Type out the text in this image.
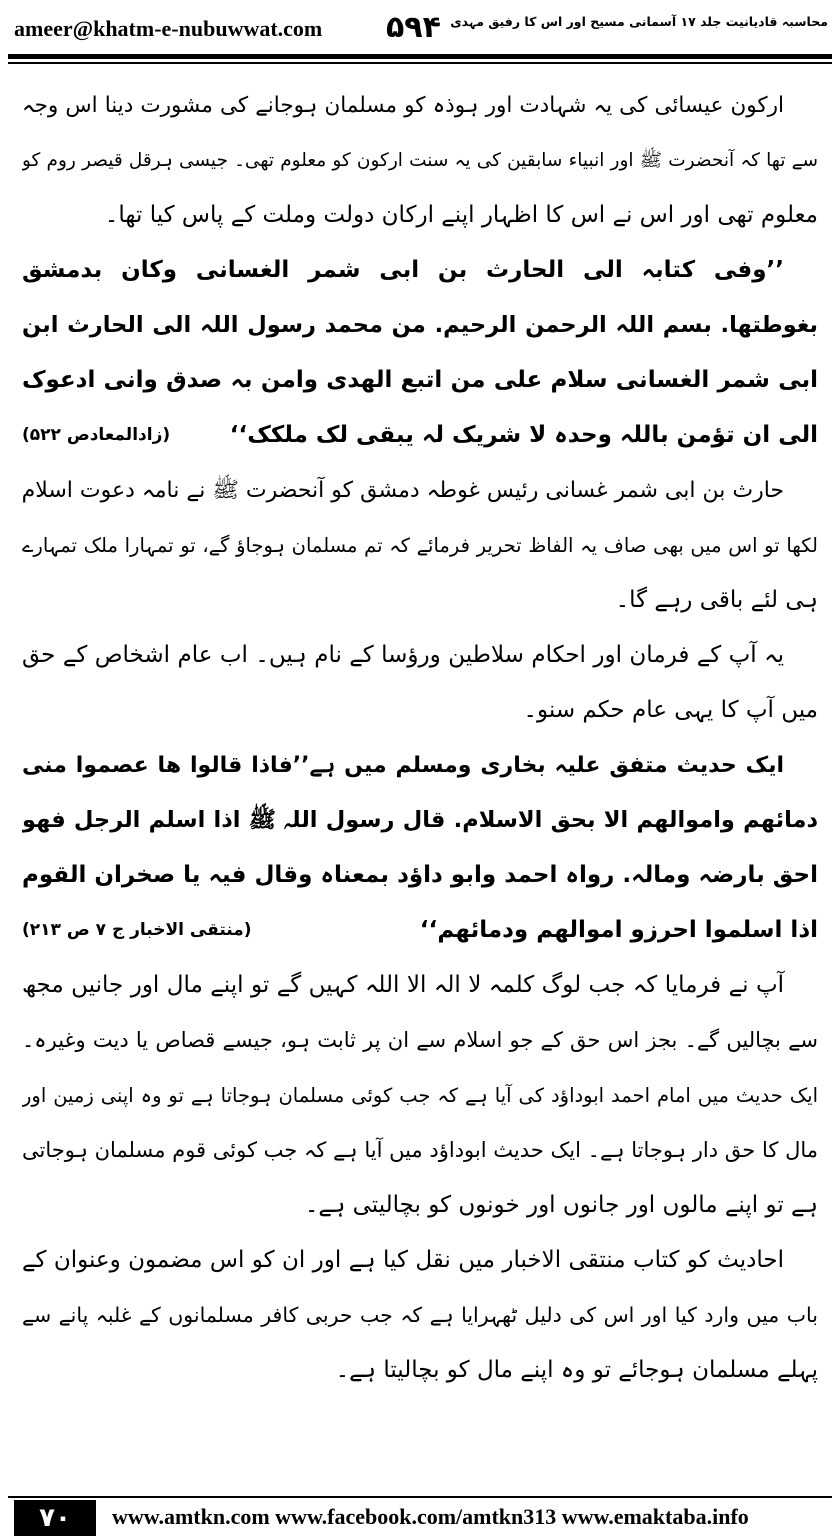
ameer@khatm-e-nubuwwat.com ۵۹۴ محاسبہ قادیانیت جلد ۱۷ آسمانی مسیح اور اس کا رفیق مہدی
ارکون عیسائی کی یہ شہادت اور ہوذہ کو مسلمان ہوجانے کی مشورت دینا اس وجہ
سے تھا کہ آنحضرت ﷺ اور انبیاء سابقین کی یہ سنت ارکون کو معلوم تھی۔ جیسی ہرقل قیصر روم کو
معلوم تھی اور اس نے اس کا اظہار اپنے ارکان دولت وملت کے پاس کیا تھا۔
’’وفی کتابہ الی الحارث بن ابی شمر الغسانی وکان بدمشق
بغوطتھا. بسم اللہ الرحمن الرحیم. من محمد رسول اللہ الی الحارث ابن
ابی شمر الغسانی سلام علی من اتبع الھدی وامن بہ صدق وانی ادعوک
الی ان تؤمن باللہ وحدہ لا شریک لہ یبقی لک ملکک‘‘
(زادالمعادص ۵۲۲)
حارث بن ابی شمر غسانی رئیس غوطہ دمشق کو آنحضرت ﷺ نے نامہ دعوت اسلام
لکھا تو اس میں بھی صاف یہ الفاظ تحریر فرمائے کہ تم مسلمان ہوجاؤ گے، تو تمہارا ملک تمہارے
ہی لئے باقی رہے گا۔
یہ آپ کے فرمان اور احکام سلاطین ورؤسا کے نام ہیں۔ اب عام اشخاص کے حق
میں آپ کا یہی عام حکم سنو۔
ایک حدیث متفق علیہ بخاری ومسلم میں ہے’’فاذا قالوا ھا عصموا منی
دمائھم واموالھم الا بحق الاسلام. قال رسول اللہ ﷺ اذا اسلم الرجل فھو
احق بارضہ ومالہ. رواہ احمد وابو داؤد بمعناہ وقال فیہ یا صخران القوم
اذا اسلموا احرزو اموالھم ودمائھم‘‘
(منتقی الاخبار ج ۷ ص ۲۱۳)
آپ نے فرمایا کہ جب لوگ کلمہ لا الہ الا اللہ کہیں گے تو اپنے مال اور جانیں مجھ
سے بچالیں گے۔ بجز اس حق کے جو اسلام سے ان پر ثابت ہو، جیسے قصاص یا دیت وغیرہ۔
ایک حدیث میں امام احمد ابوداؤد کی آیا ہے کہ جب کوئی مسلمان ہوجاتا ہے تو وہ اپنی زمین اور
مال کا حق دار ہوجاتا ہے۔ ایک حدیث ابوداؤد میں آیا ہے کہ جب کوئی قوم مسلمان ہوجاتی
ہے تو اپنے مالوں اور جانوں اور خونوں کو بچالیتی ہے۔
احادیث کو کتاب منتقی الاخبار میں نقل کیا ہے اور ان کو اس مضمون وعنوان کے
باب میں وارد کیا اور اس کی دلیل ٹھہرایا ہے کہ جب حربی کافر مسلمانوں کے غلبہ پانے سے
پہلے مسلمان ہوجائے تو وہ اپنے مال کو بچالیتا ہے۔
۷۰	www.amtkn.com www.facebook.com/amtkn313 www.emaktaba.info
